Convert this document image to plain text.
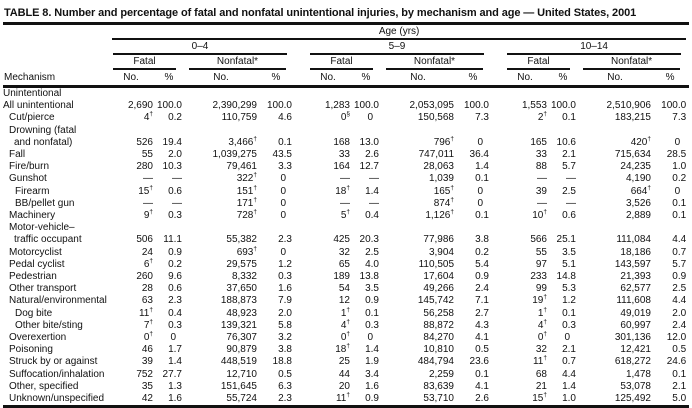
TABLE 8. Number and percentage of fatal and nonfatal unintentional injuries, by mechanism and age — United States, 2001
Mechanism	Age (yrs)													

	0–4					5–9					10–14			

	Fatal		Nonfatal*			Fatal		Nonfatal*			Fatal		Nonfatal*	

	No.	%	No.	%		No.	%	No.	%		No.	%	No.	%

Unintentional														

All unintentional	2,690	100.0	2,390,299	100.0		1,283	100.0	2,053,095	100.0		1,553	100.0	2,510,906	100.0

Cut/pierce	4†	0.2	110,759	4.6		0§	0	150,568	7.3		2†	0.1	183,215	7.3

Drowning (fatal
and nonfatal)	526	19.4	3,466†	0.1		168	13.0	796†	0		165	10.6	420†	0

Fall	55	2.0	1,039,275	43.5		33	2.6	747,011	36.4		33	2.1	715,634	28.5

Fire/burn	280	10.3	79,461	3.3		164	12.7	28,063	1.4		88	5.7	24,235	1.0

Gunshot	—	—	322†	0		—	—	1,039	0.1		—	—	4,190	0.2

Firearm	15†	0.6	151†	0		18†	1.4	165†	0		39	2.5	664†	0

BB/pellet gun	—	—	171†	0		—	—	874†	0		—	—	3,526	0.1

Machinery	9†	0.3	728†	0		5†	0.4	1,126†	0.1		10†	0.6	2,889	0.1

Motor-vehicle–
traffic occupant	506	11.1	55,382	2.3		425	20.3	77,986	3.8		566	25.1	111,084	4.4

Motorcyclist	24	0.9	693†	0		32	2.5	3,904	0.2		55	3.5	18,186	0.7

Pedal cyclist	6†	0.2	29,575	1.2		65	4.0	110,505	5.4		97	5.1	143,597	5.7

Pedestrian	260	9.6	8,332	0.3		189	13.8	17,604	0.9		233	14.8	21,393	0.9

Other transport	28	0.6	37,650	1.6		54	3.5	49,266	2.4		99	5.3	62,577	2.5

Natural/environmental	63	2.3	188,873	7.9		12	0.9	145,742	7.1		19†	1.2	111,608	4.4

Dog bite	11†	0.4	48,923	2.0		1†	0.1	56,258	2.7		1†	0.1	49,019	2.0

Other bite/sting	7†	0.3	139,321	5.8		4†	0.3	88,872	4.3		4†	0.3	60,997	2.4

Overexertion	0†	0	76,307	3.2		0†	0	84,270	4.1		0†	0	301,136	12.0

Poisoning	46	1.7	90,879	3.8		18†	1.4	10,810	0.5		32	2.1	12,421	0.5

Struck by or against	39	1.4	448,519	18.8		25	1.9	484,794	23.6		11†	0.7	618,272	24.6

Suffocation/inhalation	752	27.7	12,710	0.5		44	3.4	2,259	0.1		68	4.4	1,478	0.1

Other, specified	35	1.3	151,645	6.3		20	1.6	83,639	4.1		21	1.4	53,078	2.1

Unknown/unspecified	42	1.6	55,724	2.3		11†	0.9	53,710	2.6		15†	1.0	125,492	5.0
